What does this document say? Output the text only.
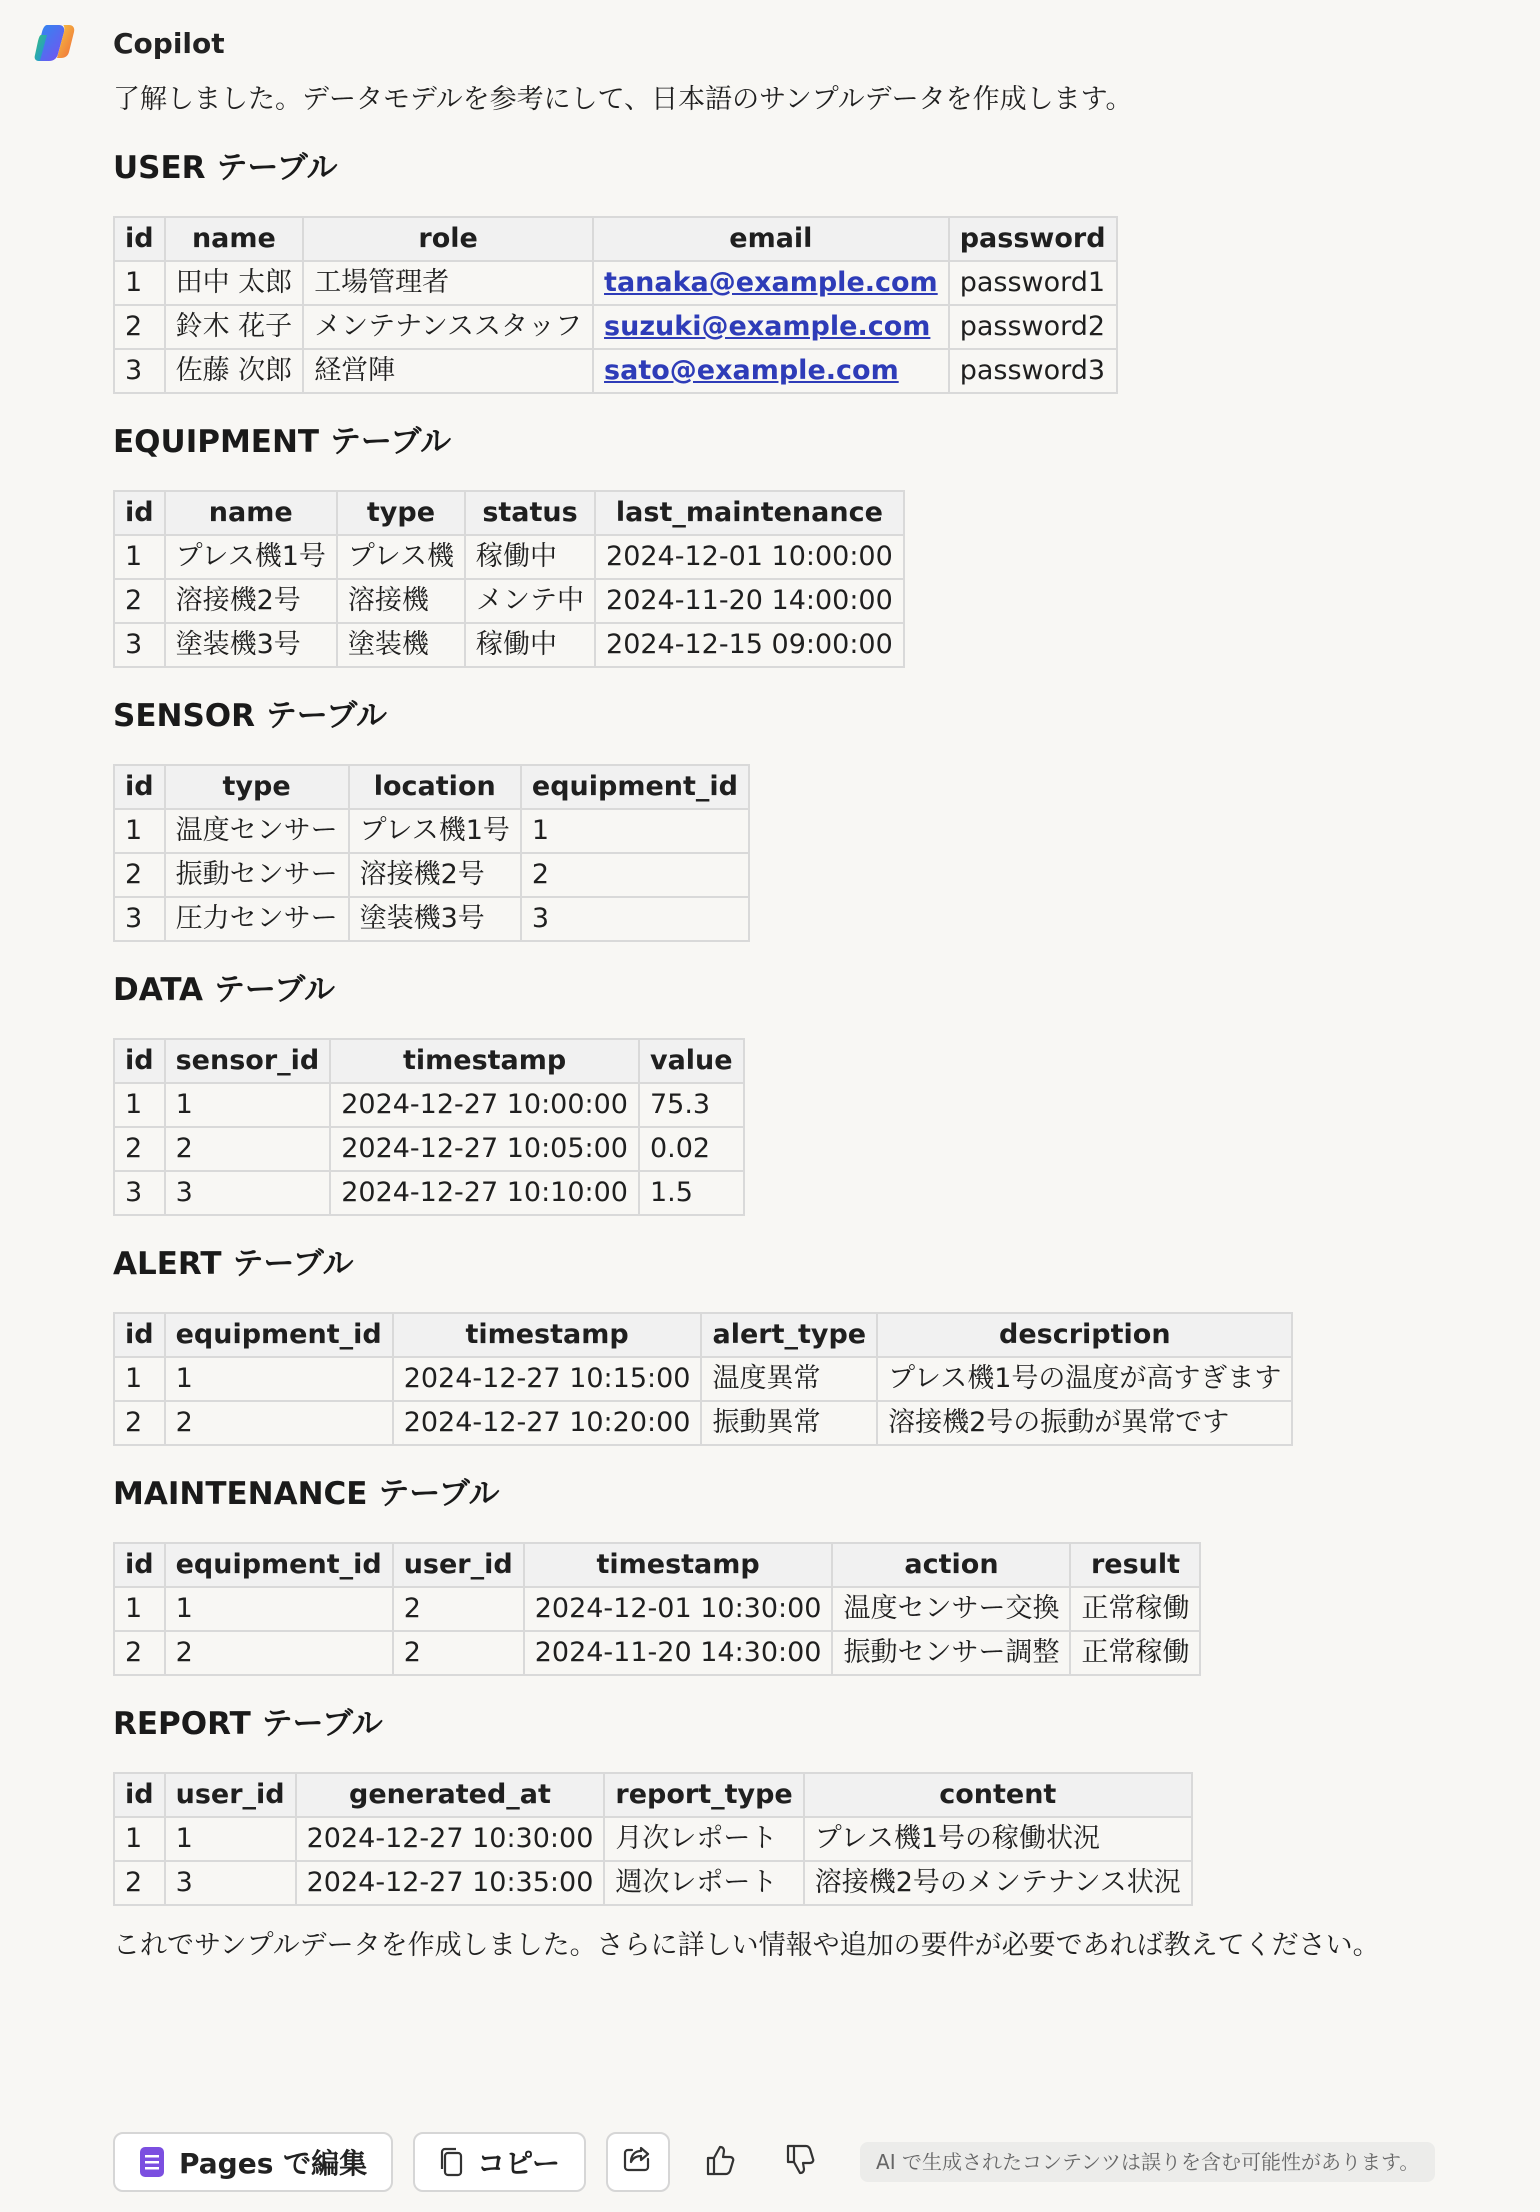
Copilot

了解しました。データモデルを参考にして、日本語のサンプルデータを作成します。

USER テーブル
id	name	role	email	password
1	田中 太郎	工場管理者	tanaka@example.com	password1
2	鈴木 花子	メンテナンススタッフ	suzuki@example.com	password2
3	佐藤 次郎	経営陣	sato@example.com	password3
EQUIPMENT テーブル
id	name	type	status	last_maintenance
1	プレス機1号	プレス機	稼働中	2024-12-01 10:00:00
2	溶接機2号	溶接機	メンテ中	2024-11-20 14:00:00
3	塗装機3号	塗装機	稼働中	2024-12-15 09:00:00
SENSOR テーブル
id	type	location	equipment_id
1	温度センサー	プレス機1号	1
2	振動センサー	溶接機2号	2
3	圧力センサー	塗装機3号	3
DATA テーブル
id	sensor_id	timestamp	value
1	1	2024-12-27 10:00:00	75.3
2	2	2024-12-27 10:05:00	0.02
3	3	2024-12-27 10:10:00	1.5
ALERT テーブル
id	equipment_id	timestamp	alert_type	description
1	1	2024-12-27 10:15:00	温度異常	プレス機1号の温度が高すぎます
2	2	2024-12-27 10:20:00	振動異常	溶接機2号の振動が異常です
MAINTENANCE テーブル
id	equipment_id	user_id	timestamp	action	result
1	1	2	2024-12-01 10:30:00	温度センサー交換	正常稼働
2	2	2	2024-11-20 14:30:00	振動センサー調整	正常稼働
REPORT テーブル
id	user_id	generated_at	report_type	content
1	1	2024-12-27 10:30:00	月次レポート	プレス機1号の稼働状況
2	3	2024-12-27 10:35:00	週次レポート	溶接機2号のメンテナンス状況

これでサンプルデータを作成しました。さらに詳しい情報や追加の要件が必要であれば教えてください。

Pages で編集	コピー	AI で生成されたコンテンツは誤りを含む可能性があります。
